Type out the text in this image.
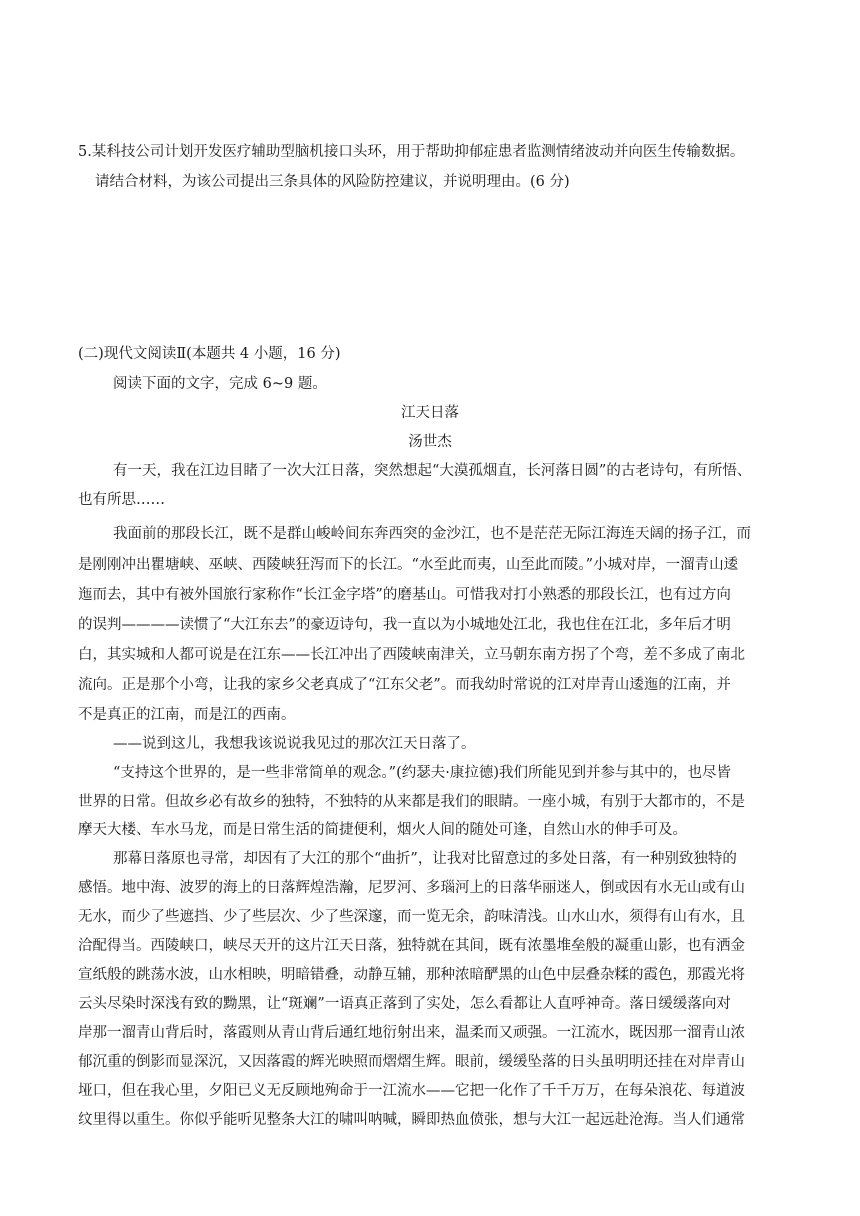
5.某科技公司计划开发医疗辅助型脑机接口头环，用于帮助抑郁症患者监测情绪波动并向医生传输数据。
请结合材料，为该公司提出三条具体的风险防控建议，并说明理由。(6 分)
(二)现代文阅读Ⅱ(本题共 4 小题，16 分)
阅读下面的文字，完成 6~9 题。
江天日落
汤世杰
有一天，我在江边目睹了一次大江日落，突然想起“大漠孤烟直，长河落日圆”的古老诗句，有所悟、
也有所思……
我面前的那段长江，既不是群山峻岭间东奔西突的金沙江，也不是茫茫无际江海连天阔的扬子江，而
是刚刚冲出瞿塘峡、巫峡、西陵峡狂泻而下的长江。“水至此而夷，山至此而陵。”小城对岸，一溜青山逶
迤而去，其中有被外国旅行家称作“长江金字塔”的磨基山。可惜我对打小熟悉的那段长江，也有过方向
的误判————读惯了“大江东去”的豪迈诗句，我一直以为小城地处江北，我也住在江北，多年后才明
白，其实城和人都可说是在江东——长江冲出了西陵峡南津关，立马朝东南方拐了个弯，差不多成了南北
流向。正是那个小弯，让我的家乡父老真成了“江东父老”。而我幼时常说的江对岸青山逶迤的江南，并
不是真正的江南，而是江的西南。
——说到这儿，我想我该说说我见过的那次江天日落了。
“支持这个世界的，是一些非常简单的观念。”(约瑟夫·康拉德)我们所能见到并参与其中的，也尽皆
世界的日常。但故乡必有故乡的独特，不独特的从来都是我们的眼睛。一座小城，有别于大都市的，不是
摩天大楼、车水马龙，而是日常生活的简捷便利，烟火人间的随处可逢，自然山水的伸手可及。
那幕日落原也寻常，却因有了大江的那个“曲折”，让我对比留意过的多处日落，有一种别致独特的
感悟。地中海、波罗的海上的日落辉煌浩瀚，尼罗河、多瑙河上的日落华丽迷人，倒或因有水无山或有山
无水，而少了些遮挡、少了些层次、少了些深邃，而一览无余，韵味清浅。山水山水，须得有山有水，且
洽配得当。西陵峡口，峡尽天开的这片江天日落，独特就在其间，既有浓墨堆垒般的凝重山影，也有洒金
宣纸般的跳荡水波，山水相映，明暗错叠，动静互辅，那种浓暗酽黑的山色中层叠杂糅的霞色，那霞光将
云头尽染时深浅有致的黝黑，让“斑斓”一语真正落到了实处，怎么看都让人直呼神奇。落日缓缓落向对
岸那一溜青山背后时，落霞则从青山背后通红地衍射出来，温柔而又顽强。一江流水，既因那一溜青山浓
郁沉重的倒影而显深沉，又因落霞的辉光映照而熠熠生辉。眼前，缓缓坠落的日头虽明明还挂在对岸青山
垭口，但在我心里，夕阳已义无反顾地殉命于一江流水——它把一化作了千千万万，在每朵浪花、每道波
纹里得以重生。你似乎能听见整条大江的啸叫呐喊，瞬即热血偾张，想与大江一起远赴沧海。当人们通常
